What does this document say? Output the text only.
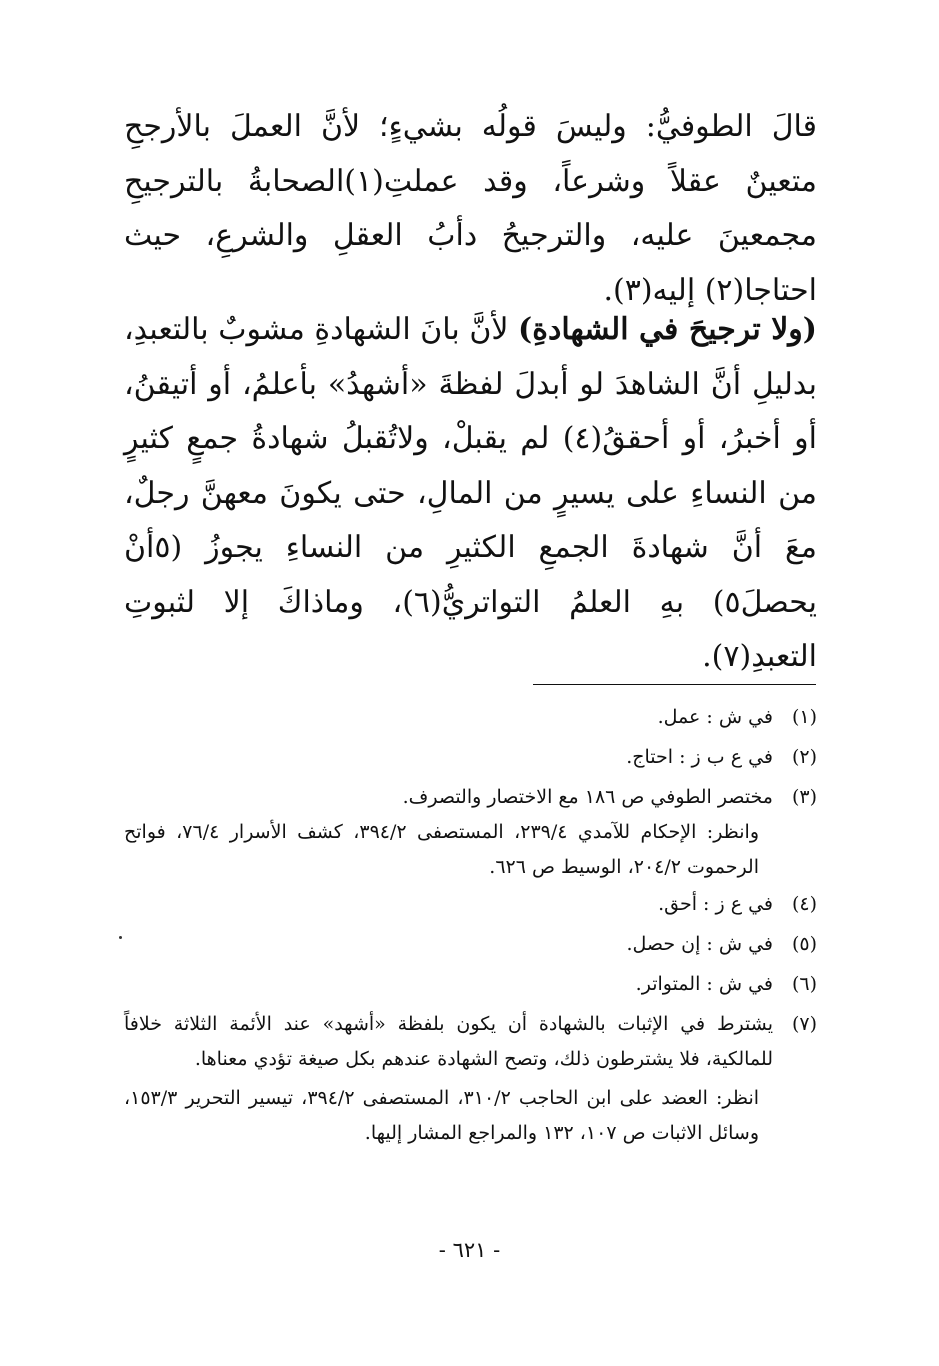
قالَ الطوفيُّ: وليسَ قولُه بشيءٍ؛ لأنَّ العملَ بالأرجحِ متعينٌ عقلاً وشرعاً، وقد عملتِ(١)الصحابةُ بالترجيحِ مجمعينَ عليه، والترجيحُ دأبُ العقلِ والشرعِ، حيث احتاجا(٢) إليه(٣).

(ولا ترجيحَ في الشهادةِ) لأنَّ بانَ الشهادةِ مشوبٌ بالتعبدِ، بدليلِ أنَّ الشاهدَ لو أبدلَ لفظةَ «أشهدُ» بأعلمُ، أو أتيقنُ، أو أخبرُ، أو أحققُ(٤) لم يقبلْ، ولاتُقبلُ شهادةُ جمعٍ كثيرٍ من النساءِ على يسيرٍ من المالِ، حتى يكونَ معهنَّ رجلٌ، معَ أنَّ شهادةَ الجمعِ الكثيرِ من النساءِ يجوزُ (٥أنْ يحصلَ٥) بهِ العلمُ التواتريُّ(٦)، وماذاكَ إلا لثبوتِ التعبدِ(٧).

(١)
في ش : عمل.
(٢)
في ع ب ز : احتاج.
(٣)
مختصر الطوفي ص ١٨٦ مع الاختصار والتصرف.
وانظر: الإحكام للآمدي ٢٣٩/٤، المستصفى ٣٩٤/٢، كشف الأسرار ٧٦/٤، فواتح الرحموت ٢٠٤/٢، الوسيط ص ٦٢٦.
(٤)
في ع ز : أحق.
(٥)
في ش : إن حصل.
(٦)
في ش : المتواتر.
(٧)
يشترط في الإثبات بالشهادة أن يكون بلفظة «أشهد» عند الأئمة الثلاثة خلافاً للمالكية، فلا يشترطون ذلك، وتصح الشهادة عندهم بكل صيغة تؤدي معناها.
انظر: العضد على ابن الحاجب ٣١٠/٢، المستصفى ٣٩٤/٢، تيسير التحرير ١٥٣/٣، وسائل الاثبات ص ١٠٧، ١٣٢ والمراجع المشار إليها.
- ٦٢١ -
